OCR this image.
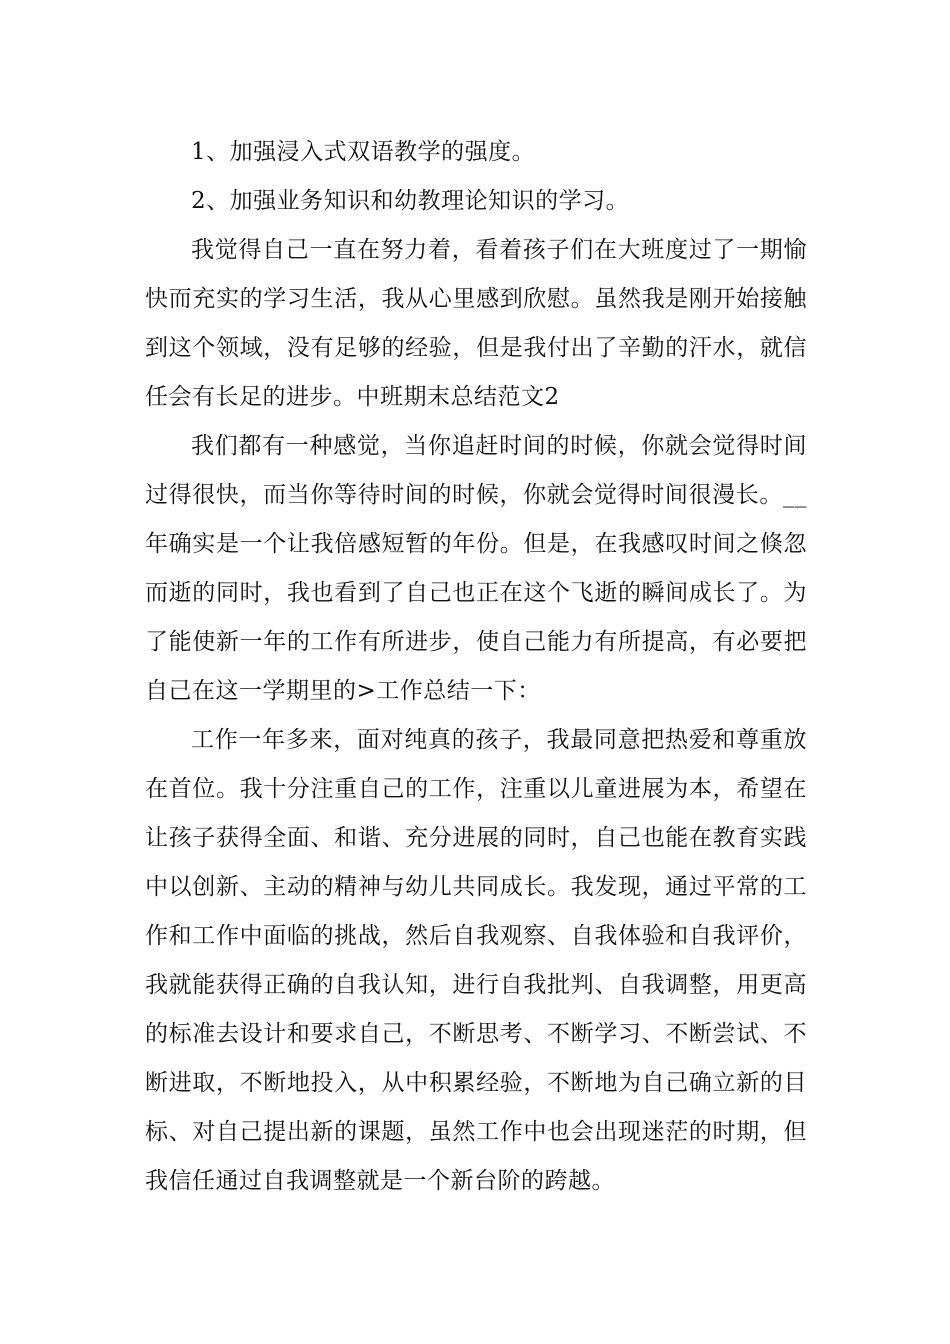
1、加强浸入式双语教学的强度。

2、加强业务知识和幼教理论知识的学习。

我觉得自己一直在努力着，看着孩子们在大班度过了一期愉快而充实的学习生活，我从心里感到欣慰。虽然我是刚开始接触到这个领域，没有足够的经验，但是我付出了辛勤的汗水，就信任会有长足的进步。中班期末总结范文2

我们都有一种感觉，当你追赶时间的时候，你就会觉得时间过得很快，而当你等待时间的时候，你就会觉得时间很漫长。__年确实是一个让我倍感短暂的年份。但是，在我感叹时间之倏忽而逝的同时，我也看到了自己也正在这个飞逝的瞬间成长了。为了能使新一年的工作有所进步，使自己能力有所提高，有必要把自己在这一学期里的>工作总结一下：

工作一年多来，面对纯真的孩子，我最同意把热爱和尊重放在首位。我十分注重自己的工作，注重以儿童进展为本，希望在让孩子获得全面、和谐、充分进展的同时，自己也能在教育实践中以创新、主动的精神与幼儿共同成长。我发现，通过平常的工作和工作中面临的挑战，然后自我观察、自我体验和自我评价，我就能获得正确的自我认知，进行自我批判、自我调整，用更高的标准去设计和要求自己，不断思考、不断学习、不断尝试、不断进取，不断地投入，从中积累经验，不断地为自己确立新的目标、对自己提出新的课题，虽然工作中也会出现迷茫的时期，但我信任通过自我调整就是一个新台阶的跨越。
